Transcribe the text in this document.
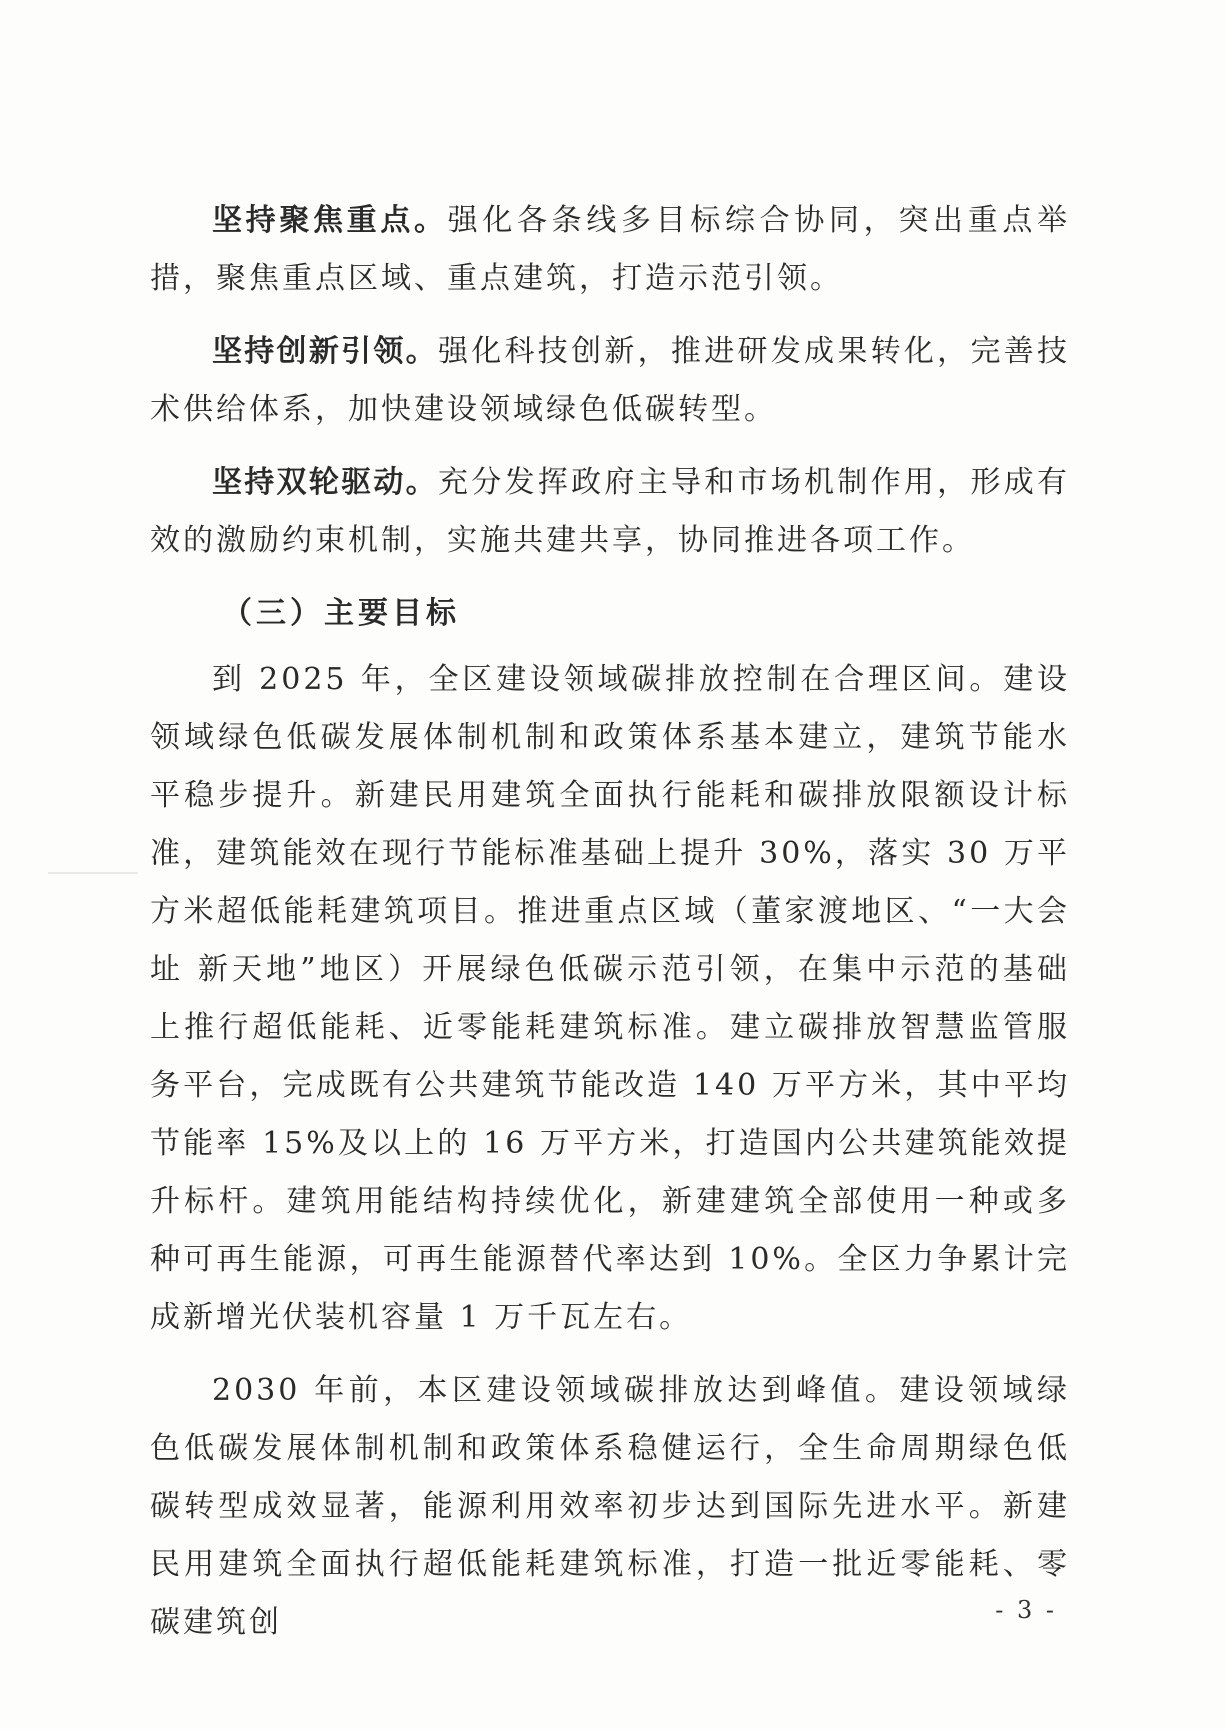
坚持聚焦重点。强化各条线多目标综合协同，突出重点举措，聚焦重点区域、重点建筑，打造示范引领。

坚持创新引领。强化科技创新，推进研发成果转化，完善技术供给体系，加快建设领域绿色低碳转型。

坚持双轮驱动。充分发挥政府主导和市场机制作用，形成有效的激励约束机制，实施共建共享，协同推进各项工作。

（三）主要目标

到 2025 年，全区建设领域碳排放控制在合理区间。建设领域绿色低碳发展体制机制和政策体系基本建立，建筑节能水平稳步提升。新建民用建筑全面执行能耗和碳排放限额设计标准，建筑能效在现行节能标准基础上提升 30%，落实 30 万平方米超低能耗建筑项目。推进重点区域（董家渡地区、“一大会址 新天地”地区）开展绿色低碳示范引领，在集中示范的基础上推行超低能耗、近零能耗建筑标准。建立碳排放智慧监管服务平台，完成既有公共建筑节能改造 140 万平方米，其中平均节能率 15%及以上的 16 万平方米，打造国内公共建筑能效提升标杆。建筑用能结构持续优化，新建建筑全部使用一种或多种可再生能源，可再生能源替代率达到 10%。全区力争累计完成新增光伏装机容量 1 万千瓦左右。

2030 年前，本区建设领域碳排放达到峰值。建设领域绿色低碳发展体制机制和政策体系稳健运行，全生命周期绿色低碳转型成效显著，能源利用效率初步达到国际先进水平。新建民用建筑全面执行超低能耗建筑标准，打造一批近零能耗、零碳建筑创	- 3 -
